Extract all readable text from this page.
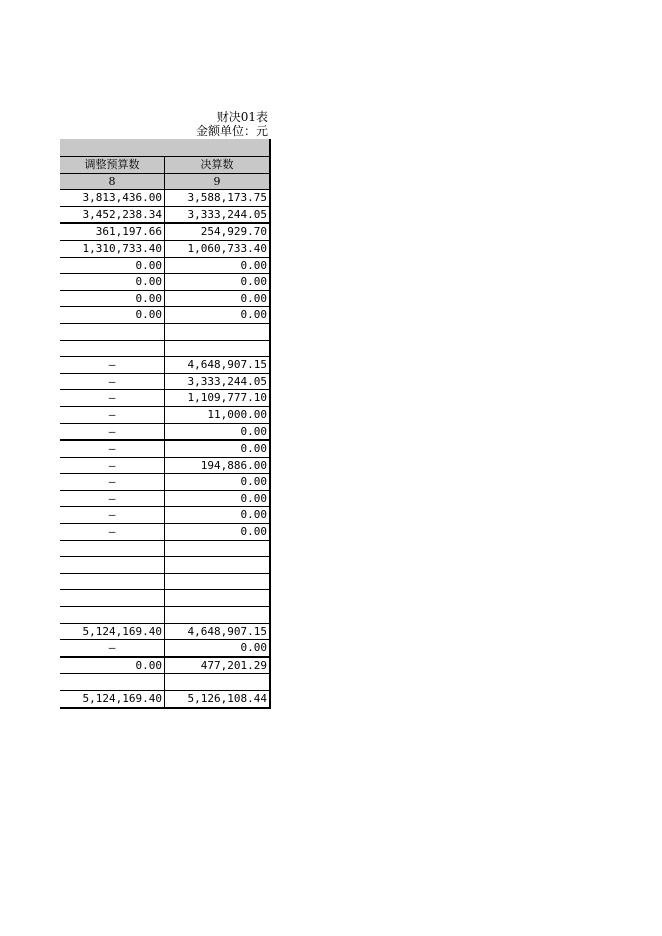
财决01表
金额单位：元
调整预算数	决算数
8	9
3,813,436.00	3,588,173.75
3,452,238.34	3,333,244.05
361,197.66	254,929.70
1,310,733.40	1,060,733.40
0.00	0.00
0.00	0.00
0.00	0.00
0.00	0.00
—	4,648,907.15
—	3,333,244.05
—	1,109,777.10
—	11,000.00
—	0.00
—	0.00
—	194,886.00
—	0.00
—	0.00
—	0.00
—	0.00
5,124,169.40	4,648,907.15
—	0.00
0.00	477,201.29
5,124,169.40	5,126,108.44
